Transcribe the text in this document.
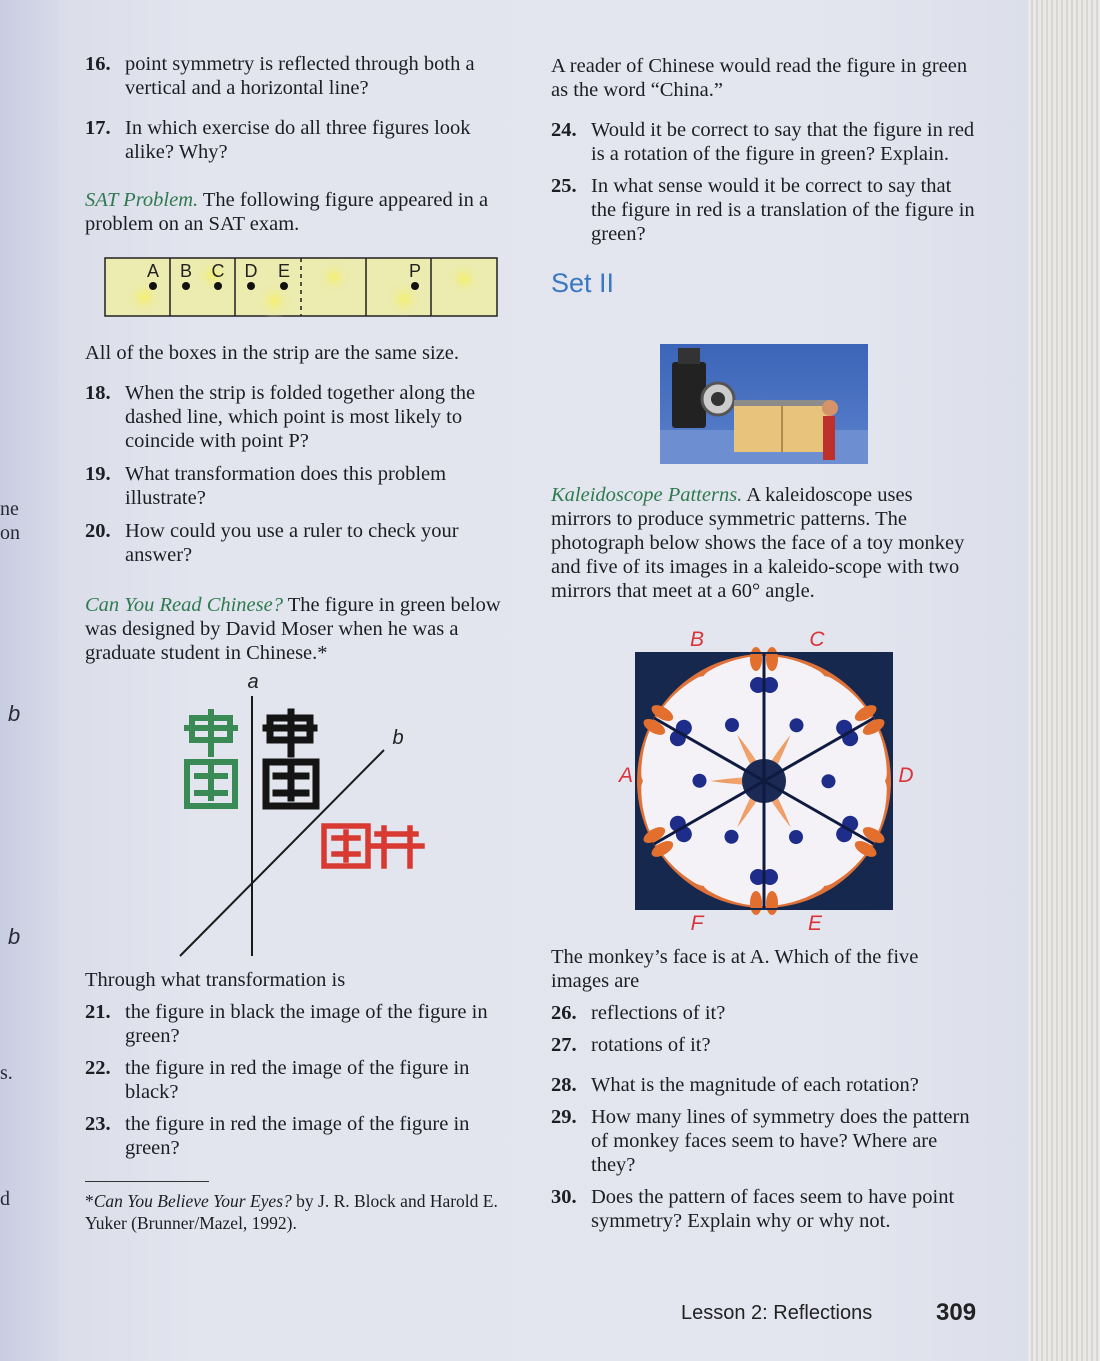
ne
on
b
b
s.
d
16. point symmetry is reflected through both a vertical and a horizontal line?
17. In which exercise do all three figures look alike? Why?

SAT Problem. The following figure appeared in a problem on an SAT exam.

A B C D E	P

All of the boxes in the strip are the same size.

18. When the strip is folded together along the dashed line, which point is most likely to coincide with point P?
19. What transformation does this problem illustrate?
20. How could you use a ruler to check your answer?

Can You Read Chinese? The figure in green below was designed by David Moser when he was a graduate student in Chinese.*

a
b

Through what transformation is

21. the figure in black the image of the figure in green?
22. the figure in red the image of the figure in black?
23. the figure in red the image of the figure in green?
*Can You Believe Your Eyes? by J. R. Block and Harold E. Yuker (Brunner/Mazel, 1992).

A reader of Chinese would read the figure in green as the word “China.”

24. Would it be correct to say that the figure in red is a rotation of the figure in green? Explain.
25. In what sense would it be correct to say that the figure in red is a translation of the figure in green?
Set II

Kaleidoscope Patterns. A kaleidoscope uses mirrors to produce symmetric patterns. The photograph below shows the face of a toy monkey and five of its images in a kaleido-scope with two mirrors that meet at a 60° angle.

B	C
A	D
F	E

The monkey’s face is at A. Which of the five images are

26. reflections of it?
27. rotations of it?
28. What is the magnitude of each rotation?
29. How many lines of symmetry does the pattern of monkey faces seem to have? Where are they?
30. Does the pattern of faces seem to have point symmetry? Explain why or why not.
Lesson 2: Reflections	309
